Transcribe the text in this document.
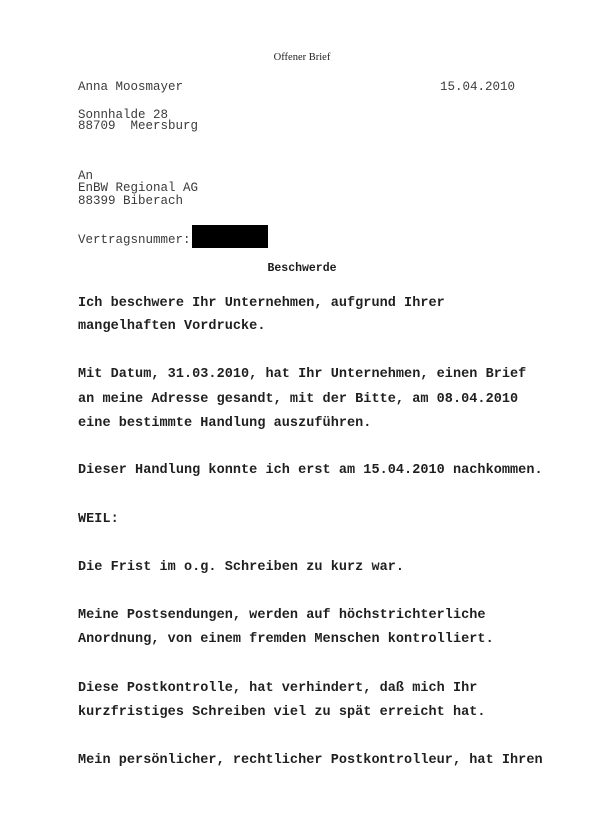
Offener Brief
Anna Moosmayer	15.04.2010
Sonnhalde 28
88709  Meersburg
An
EnBW Regional AG
88399 Biberach
Vertragsnummer:
Beschwerde
Ich beschwere Ihr Unternehmen, aufgrund Ihrer
mangelhaften Vordrucke.
Mit Datum, 31.03.2010, hat Ihr Unternehmen, einen Brief
an meine Adresse gesandt, mit der Bitte, am 08.04.2010
eine bestimmte Handlung auszuführen.
Dieser Handlung konnte ich erst am 15.04.2010 nachkommen.
WEIL:
Die Frist im o.g. Schreiben zu kurz war.
Meine Postsendungen, werden auf höchstrichterliche
Anordnung, von einem fremden Menschen kontrolliert.
Diese Postkontrolle, hat verhindert, daß mich Ihr
kurzfristiges Schreiben viel zu spät erreicht hat.
Mein persönlicher, rechtlicher Postkontrolleur, hat Ihren
